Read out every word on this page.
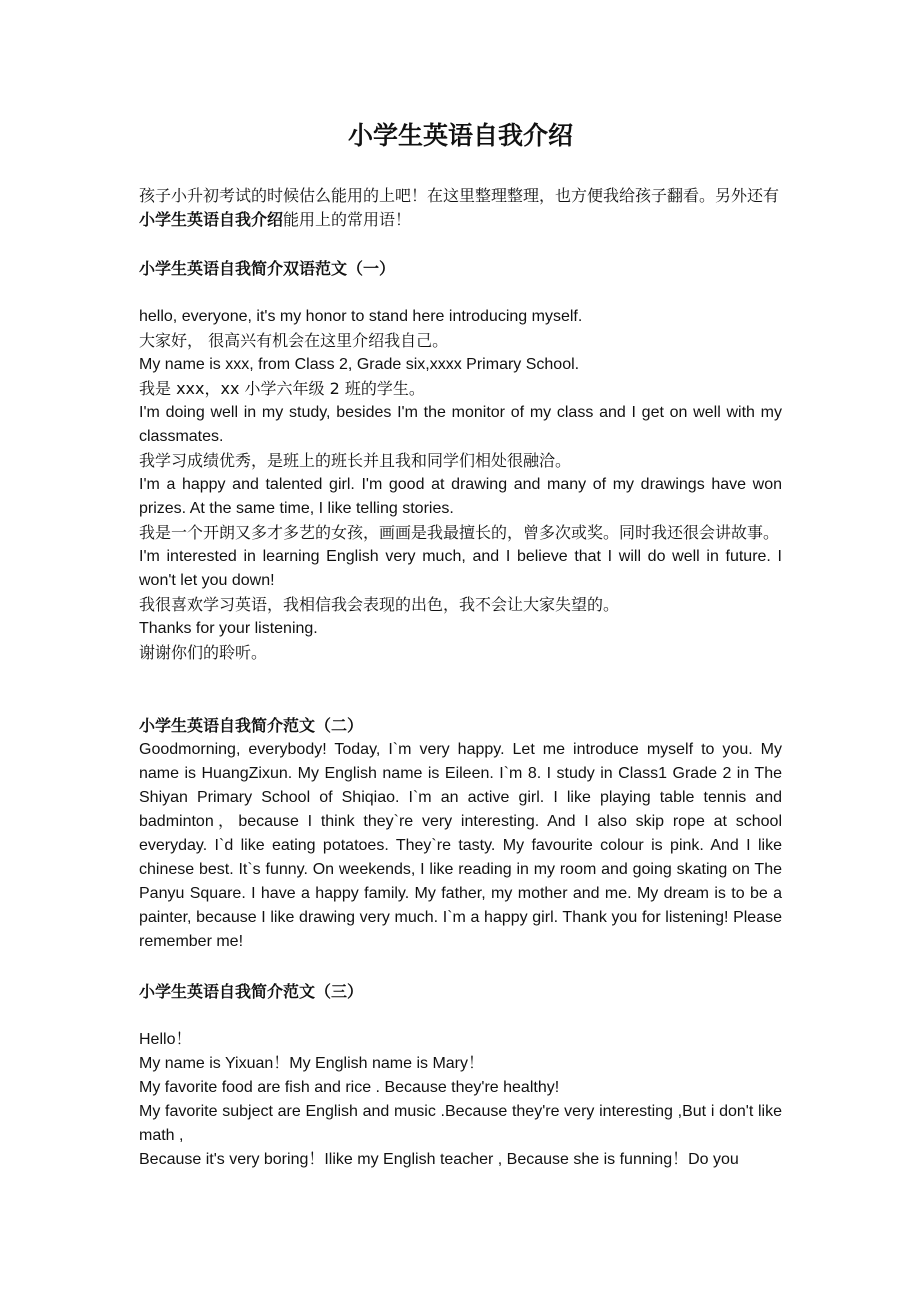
小学生英语自我介绍

孩子小升初考试的时候估么能用的上吧！在这里整理整理，也方便我给孩子翻看。另外还有小学生英语自我介绍能用上的常用语！

小学生英语自我简介双语范文（一）

hello, everyone, it's my honor to stand here introducing myself.

大家好， 很高兴有机会在这里介绍我自己。

My name is xxx, from Class 2, Grade six,xxxx Primary School.

我是 xxx，xx 小学六年级 2 班的学生。

I'm doing well in my study, besides I'm the monitor of my class and I get on well with my classmates.

我学习成绩优秀，是班上的班长并且我和同学们相处很融洽。

I'm a happy and talented girl. I'm good at drawing and many of my drawings have won prizes. At the same time, I like telling stories.

我是一个开朗又多才多艺的女孩，画画是我最擅长的，曾多次或奖。同时我还很会讲故事。

I'm interested in learning English very much, and I believe that I will do well in future. I won't let you down!

我很喜欢学习英语，我相信我会表现的出色，我不会让大家失望的。

Thanks for your listening.

谢谢你们的聆听。

小学生英语自我简介范文（二）

Goodmorning, everybody! Today, I`m very happy. Let me introduce myself to you. My name is HuangZixun. My English name is Eileen. I`m 8. I study in Class1 Grade 2 in The Shiyan Primary School of Shiqiao. I`m an active girl. I like playing table tennis and badminton，because I think they`re very interesting. And I also skip rope at school everyday. I`d like eating potatoes. They`re tasty. My favourite colour is pink. And I like chinese best. It`s funny. On weekends, I like reading in my room and going skating on The Panyu Square. I have a happy family. My father, my mother and me. My dream is to be a painter, because I like drawing very much. I`m a happy girl. Thank you for listening! Please remember me!

小学生英语自我简介范文（三）

Hello！

My name is Yixuan！My English name is Mary！

My favorite food are fish and rice . Because they're healthy!

My favorite subject are English and music .Because they're very interesting ,But i don't like math ,

Because it's very boring！Ilike my English teacher , Because she is funning！Do you
